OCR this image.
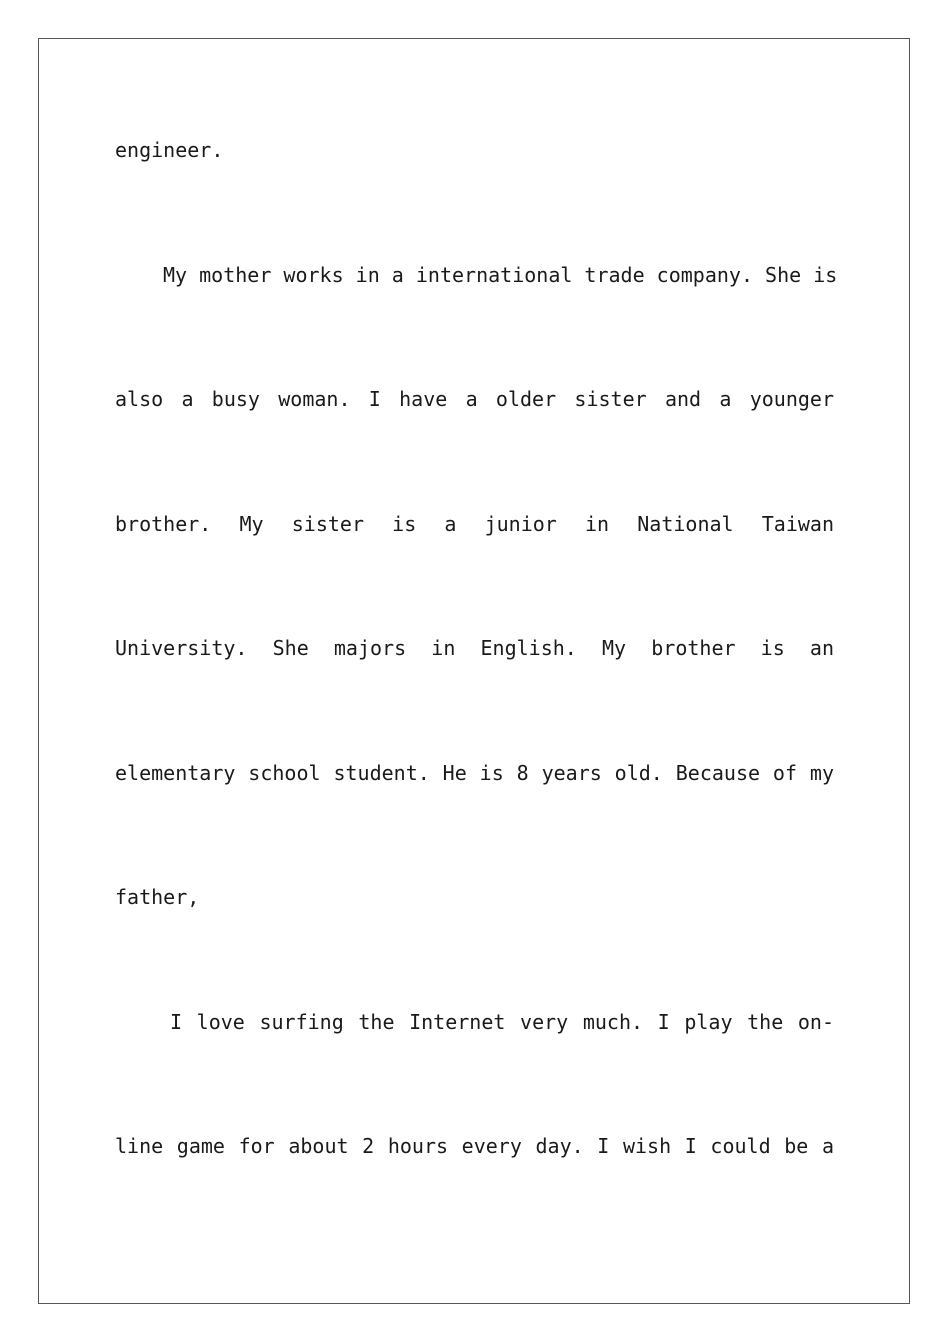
engineer.

My mother works in a international trade company. She is

also a busy woman. I have a older sister and a younger

brother. My sister is a junior in National Taiwan

University. She majors in English. My brother is an

elementary school student. He is 8 years old. Because of my

father,

I love surfing the Internet very much. I play the on-

line game for about 2 hours every day. I wish I could be a
